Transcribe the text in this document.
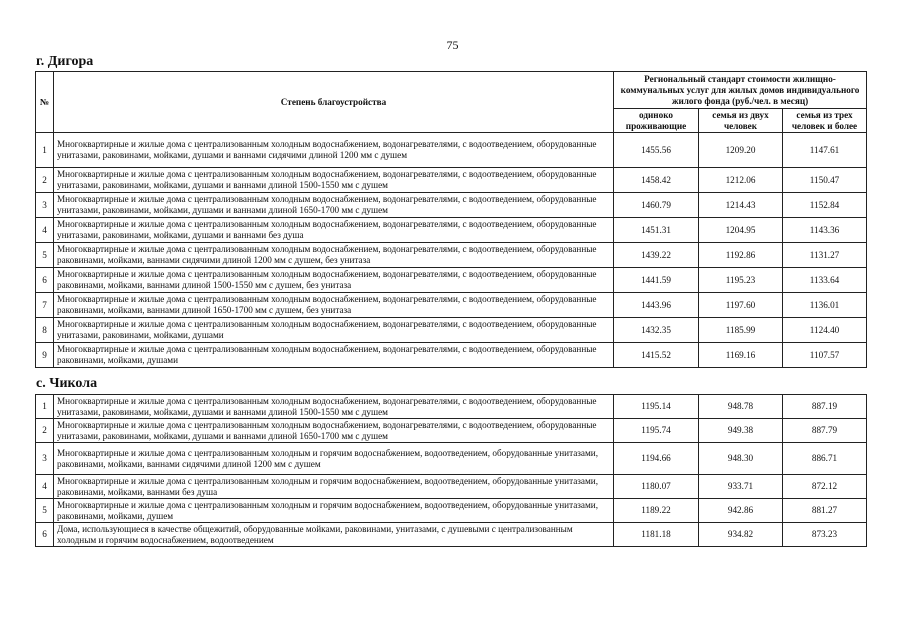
75
г. Дигора
№	Степень благоустройства	Региональный стандарт стоимости жилищно-коммунальных услуг для жилых домов индивидуального жилого фонда (руб./чел. в месяц)		
		одиноко проживающие	семья из двух человек	семья из трех человек и более
1	Многоквартирные и жилые дома с централизованным холодным водоснабжением, водонагревателями, с водоотведением, оборудованные унитазами, раковинами, мойками, душами и ваннами сидячими длиной 1200 мм с душем	1455.56	1209.20	1147.61
2	Многоквартирные и жилые дома с централизованным холодным водоснабжением, водонагревателями, с водоотведением, оборудованные унитазами, раковинами, мойками, душами и ваннами длиной 1500-1550 мм с душем	1458.42	1212.06	1150.47
3	Многоквартирные и жилые дома с централизованным холодным водоснабжением, водонагревателями, с водоотведением, оборудованные унитазами, раковинами, мойками, душами и ваннами длиной 1650-1700 мм с душем	1460.79	1214.43	1152.84
4	Многоквартирные и жилые дома с централизованным холодным водоснабжением, водонагревателями, с водоотведением, оборудованные унитазами, раковинами, мойками, душами и ваннами без душа	1451.31	1204.95	1143.36
5	Многоквартирные и жилые дома с централизованным холодным водоснабжением, водонагревателями, с водоотведением, оборудованные раковинами, мойками, ваннами сидячими длиной 1200 мм с душем, без унитаза	1439.22	1192.86	1131.27
6	Многоквартирные и жилые дома с централизованным холодным водоснабжением, водонагревателями, с водоотведением, оборудованные раковинами, мойками, ваннами длиной 1500-1550 мм с душем, без унитаза	1441.59	1195.23	1133.64
7	Многоквартирные и жилые дома с централизованным холодным водоснабжением, водонагревателями, с водоотведением, оборудованные раковинами, мойками, ваннами длиной 1650-1700 мм с душем, без унитаза	1443.96	1197.60	1136.01
8	Многоквартирные и жилые дома с централизованным холодным водоснабжением, водонагревателями, с водоотведением, оборудованные унитазами, раковинами, мойками, душами	1432.35	1185.99	1124.40
9	Многоквартирные и жилые дома с централизованным холодным водоснабжением, водонагревателями, с водоотведением, оборудованные раковинами, мойками, душами	1415.52	1169.16	1107.57
с. Чикола
1	Многоквартирные и жилые дома с централизованным холодным водоснабжением, водонагревателями, с водоотведением, оборудованные унитазами, раковинами, мойками, душами и ваннами длиной 1500-1550 мм с душем	1195.14	948.78	887.19
2	Многоквартирные и жилые дома с централизованным холодным водоснабжением, водонагревателями, с водоотведением, оборудованные унитазами, раковинами, мойками, душами и ваннами длиной 1650-1700 мм с душем	1195.74	949.38	887.79
3	Многоквартирные и жилые дома с централизованным холодным и горячим водоснабжением, водоотведением, оборудованные унитазами, раковинами, мойками, ваннами сидячими длиной 1200 мм с душем	1194.66	948.30	886.71
4	Многоквартирные и жилые дома с централизованным холодным и горячим водоснабжением, водоотведением, оборудованные унитазами, раковинами, мойками, ваннами без душа	1180.07	933.71	872.12
5	Многоквартирные и жилые дома с централизованным холодным и горячим водоснабжением, водоотведением, оборудованные унитазами, раковинами, мойками, душем	1189.22	942.86	881.27
6	Дома, использующиеся в качестве общежитий, оборудованные мойками, раковинами, унитазами, с душевыми с централизованным холодным и горячим водоснабжением, водоотведением	1181.18	934.82	873.23
